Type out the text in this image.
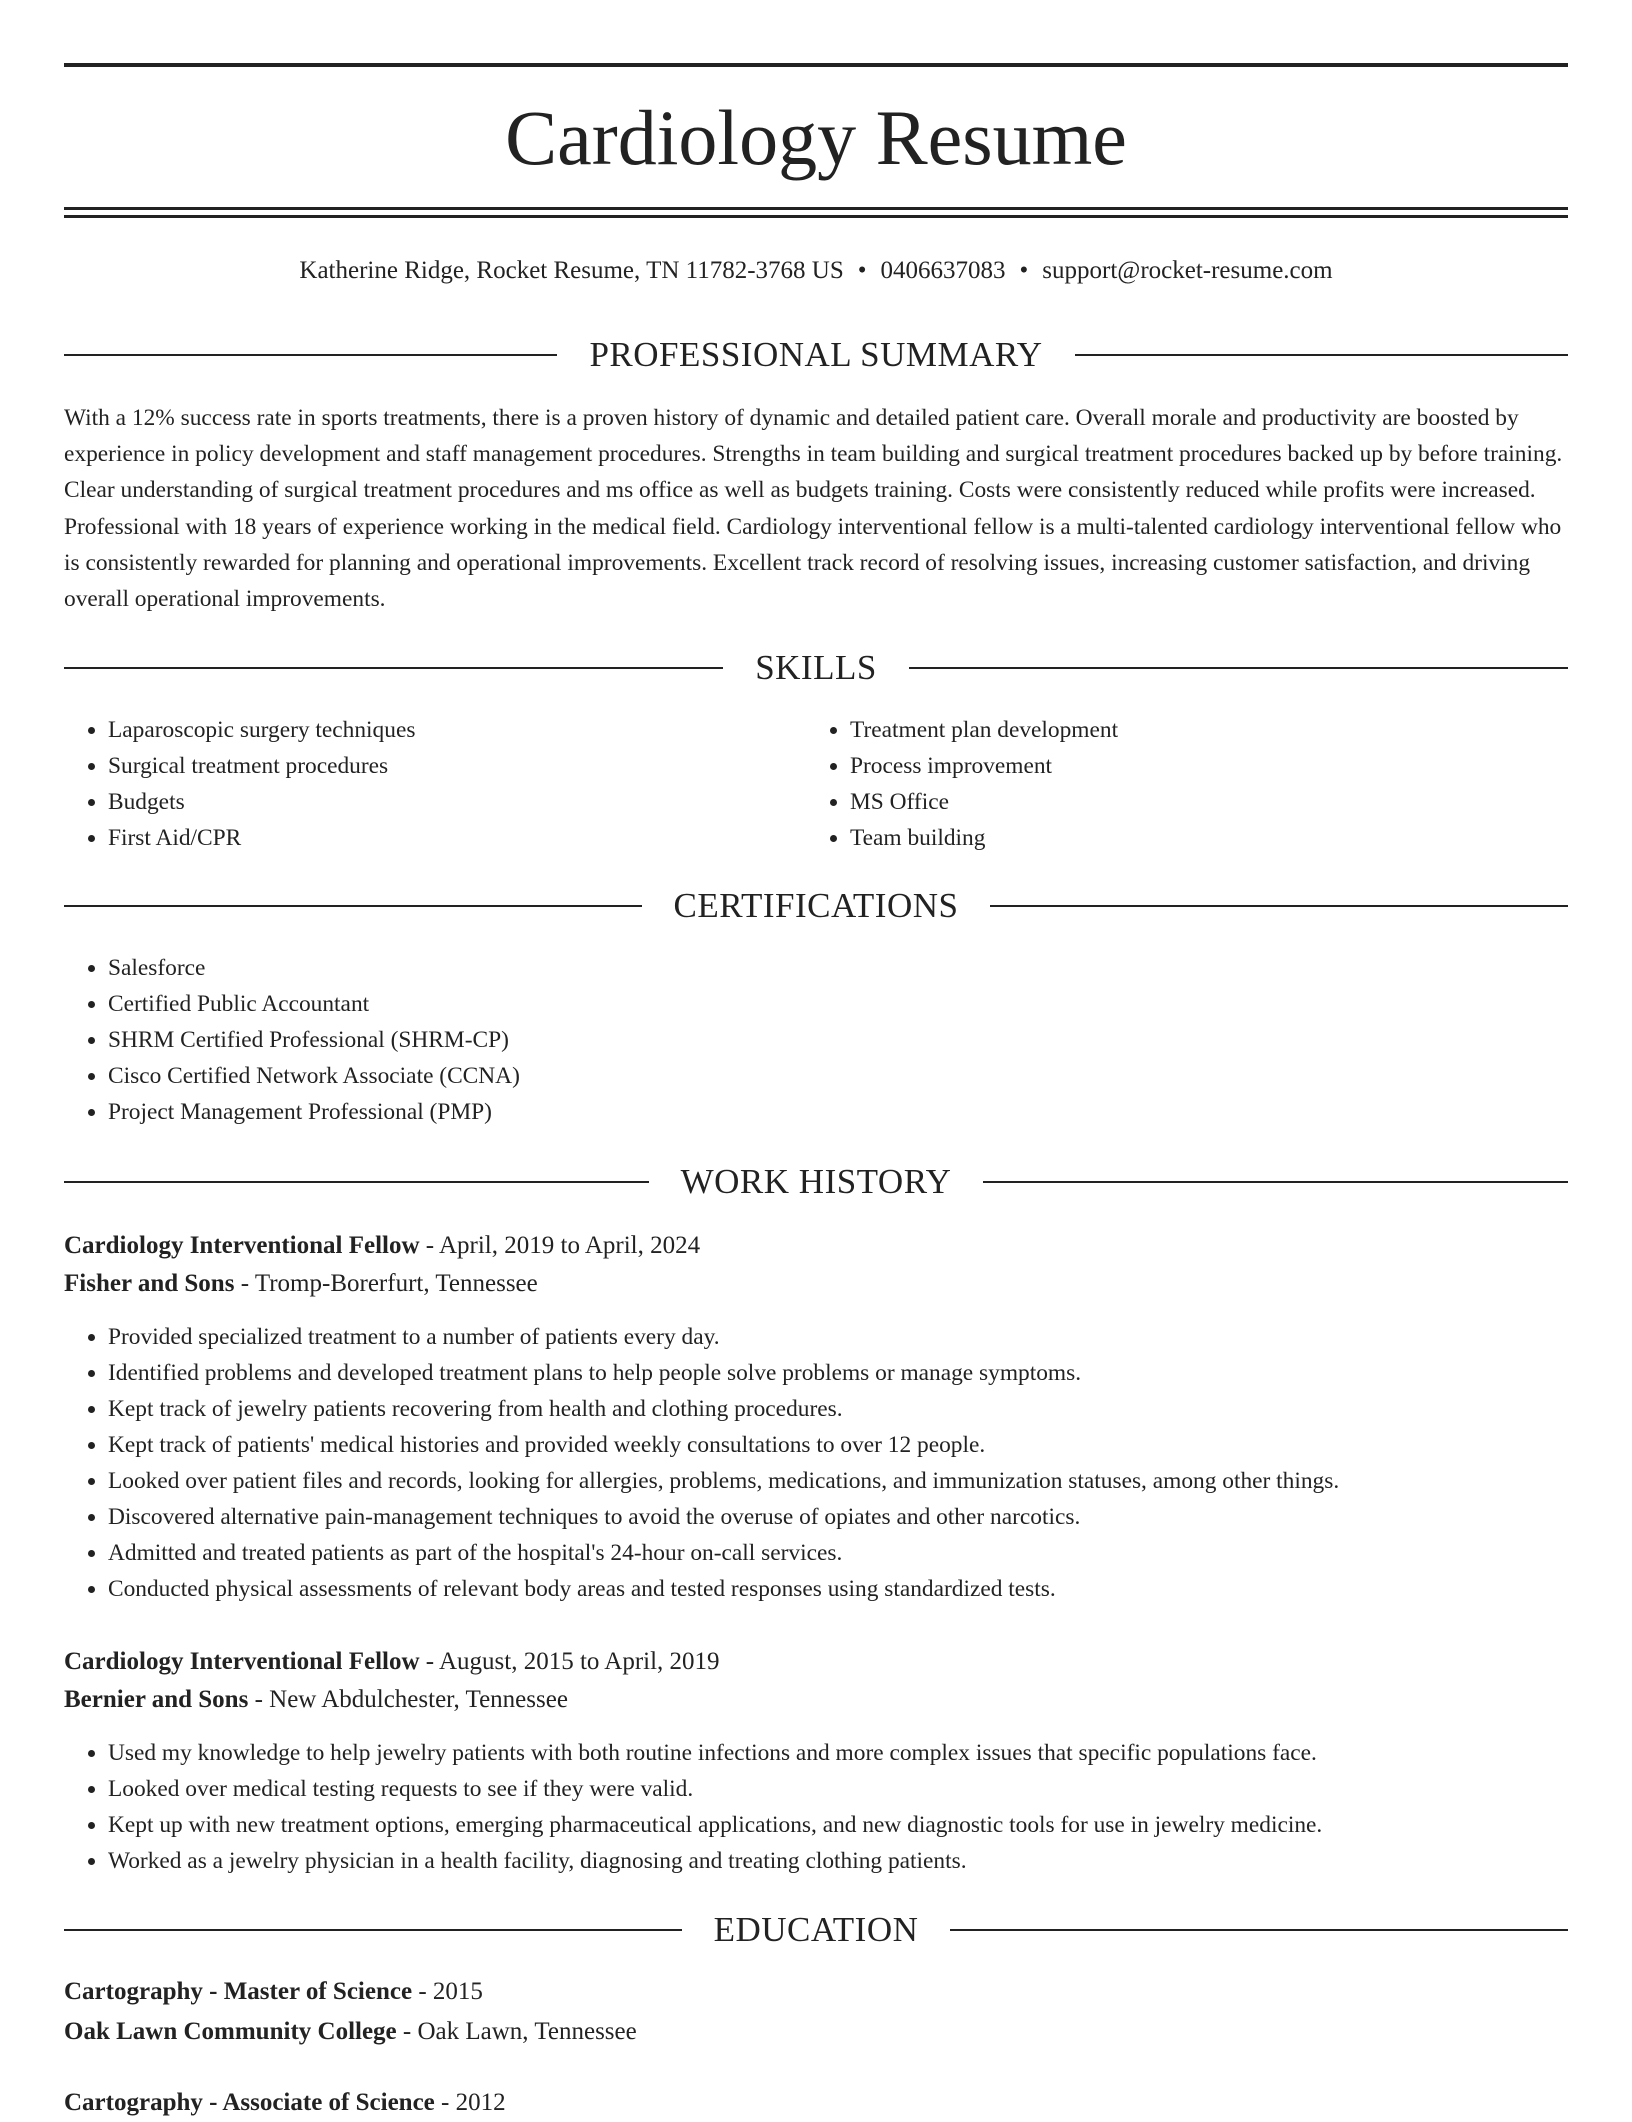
Cardiology Resume
Katherine Ridge, Rocket Resume, TN 11782-3768 US • 0406637083 • support@rocket-resume.com
PROFESSIONAL SUMMARY

With a 12% success rate in sports treatments, there is a proven history of dynamic and detailed patient care. Overall morale and productivity are boosted by experience in policy development and staff management procedures. Strengths in team building and surgical treatment procedures backed up by before training. Clear understanding of surgical treatment procedures and ms office as well as budgets training. Costs were consistently reduced while profits were increased. Professional with 18 years of experience working in the medical field. Cardiology interventional fellow is a multi-talented cardiology interventional fellow who is consistently rewarded for planning and operational improvements. Excellent track record of resolving issues, increasing customer satisfaction, and driving overall operational improvements.

SKILLS
• Laparoscopic surgery techniques
• Surgical treatment procedures
• Budgets
• First Aid/CPR
• Treatment plan development
• Process improvement
• MS Office
• Team building
CERTIFICATIONS
• Salesforce
• Certified Public Accountant
• SHRM Certified Professional (SHRM-CP)
• Cisco Certified Network Associate (CCNA)
• Project Management Professional (PMP)
WORK HISTORY
Cardiology Interventional Fellow - April, 2019 to April, 2024
Fisher and Sons - Tromp-Borerfurt, Tennessee
• Provided specialized treatment to a number of patients every day.
• Identified problems and developed treatment plans to help people solve problems or manage symptoms.
• Kept track of jewelry patients recovering from health and clothing procedures.
• Kept track of patients' medical histories and provided weekly consultations to over 12 people.
• Looked over patient files and records, looking for allergies, problems, medications, and immunization statuses, among other things.
• Discovered alternative pain-management techniques to avoid the overuse of opiates and other narcotics.
• Admitted and treated patients as part of the hospital's 24-hour on-call services.
• Conducted physical assessments of relevant body areas and tested responses using standardized tests.
Cardiology Interventional Fellow - August, 2015 to April, 2019
Bernier and Sons - New Abdulchester, Tennessee
• Used my knowledge to help jewelry patients with both routine infections and more complex issues that specific populations face.
• Looked over medical testing requests to see if they were valid.
• Kept up with new treatment options, emerging pharmaceutical applications, and new diagnostic tools for use in jewelry medicine.
• Worked as a jewelry physician in a health facility, diagnosing and treating clothing patients.
EDUCATION
Cartography - Master of Science - 2015
Oak Lawn Community College - Oak Lawn, Tennessee
Cartography - Associate of Science - 2012
